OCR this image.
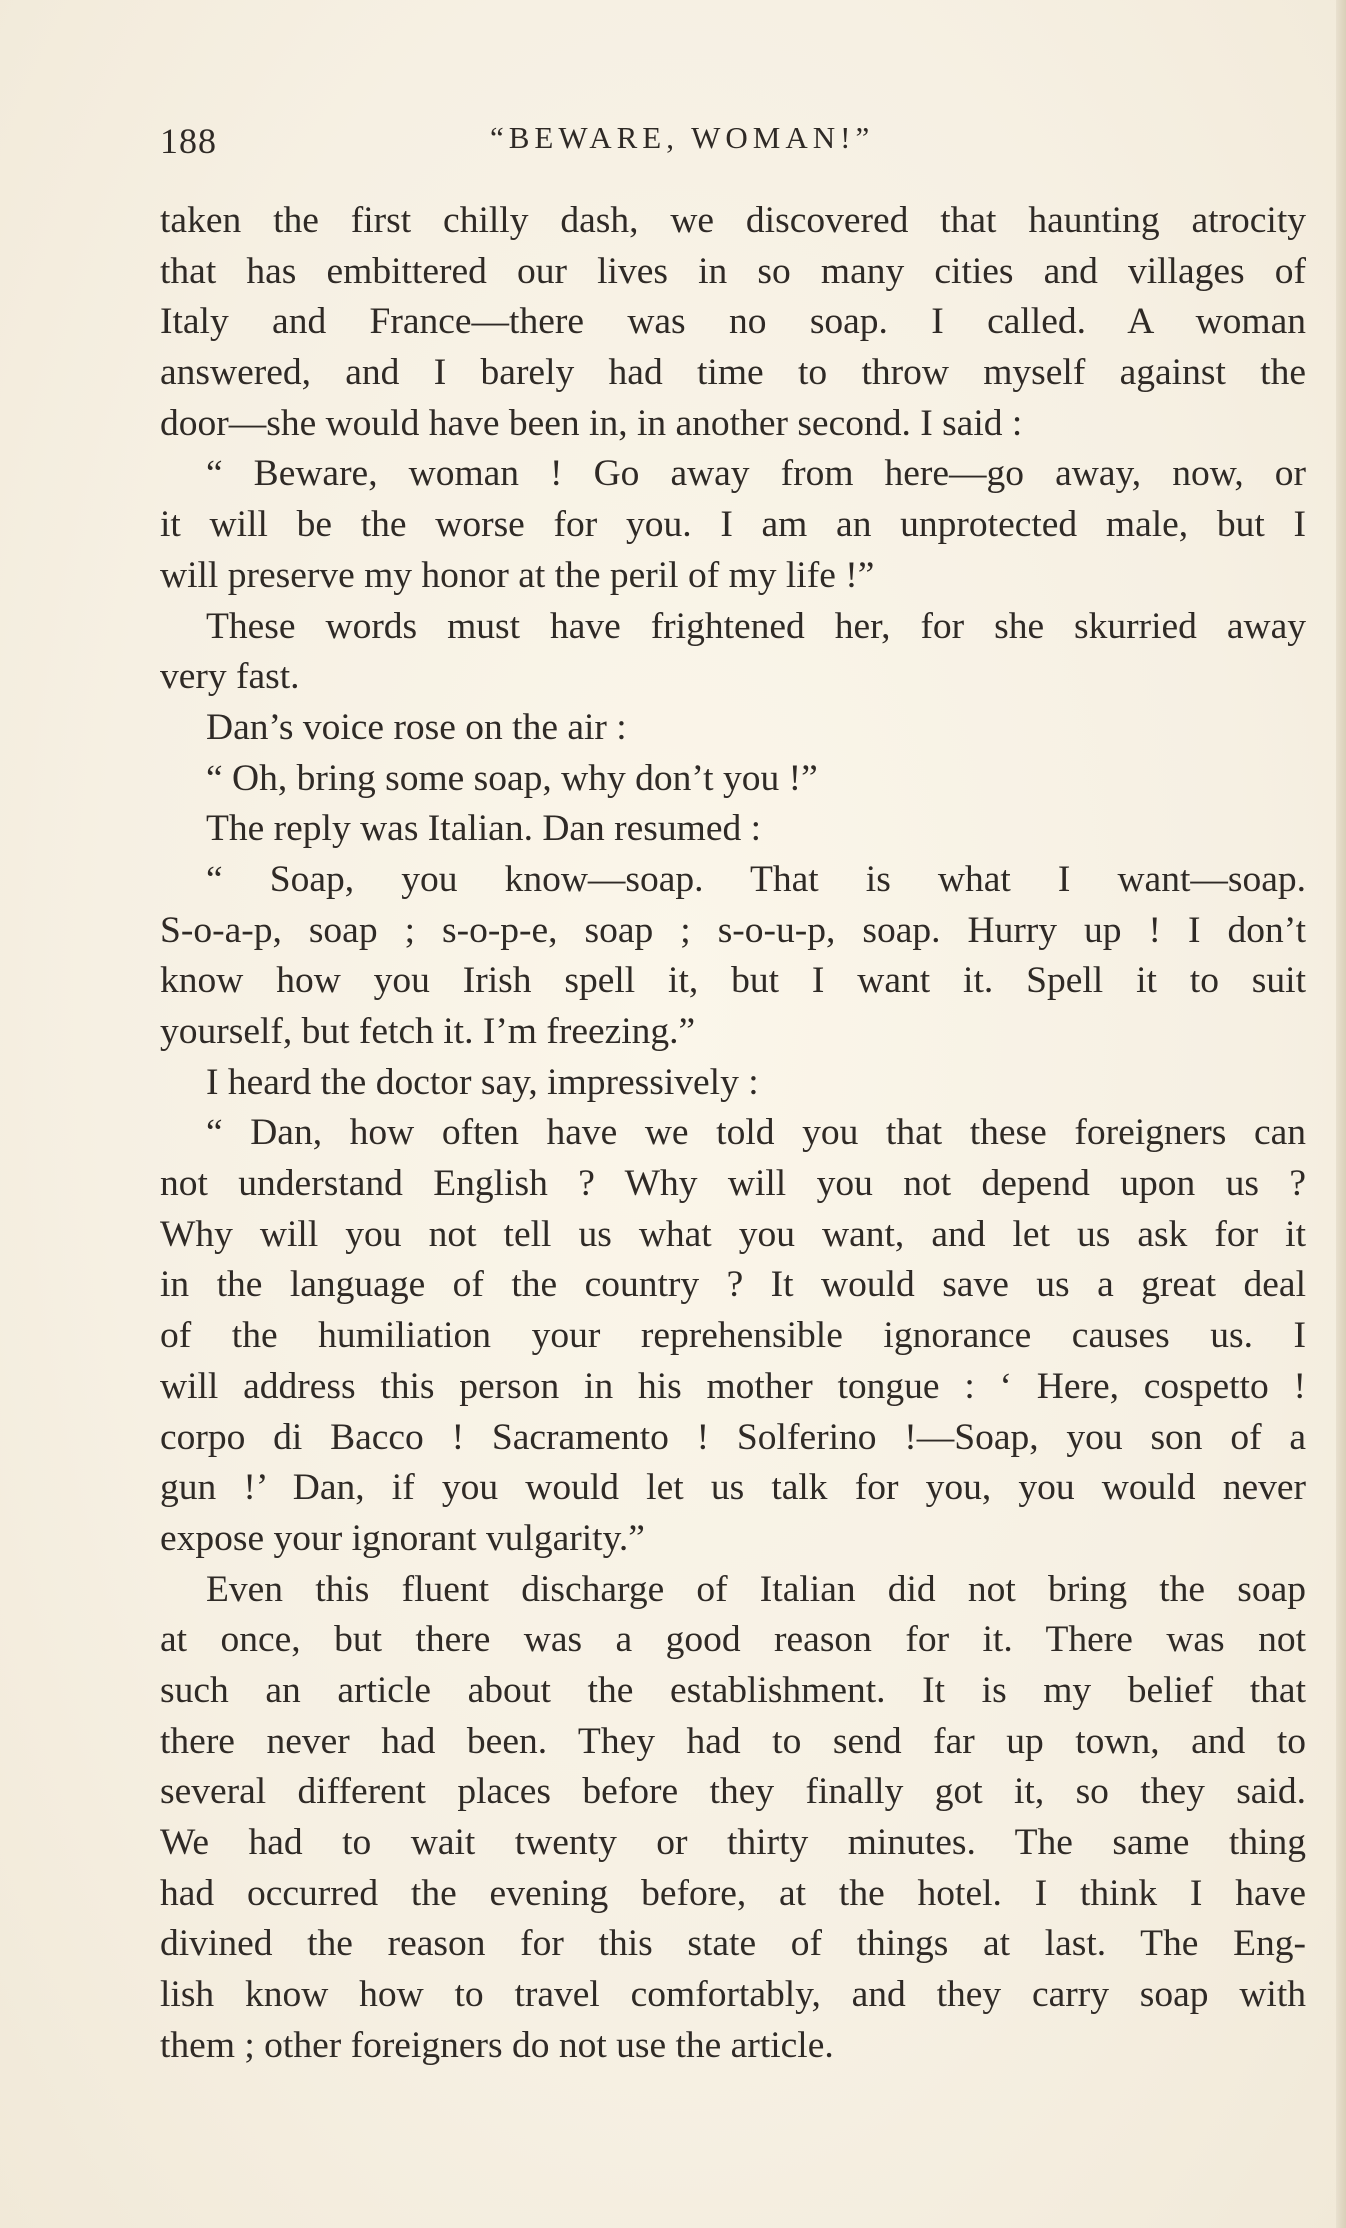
188	“BEWARE, WOMAN!”
taken the first chilly dash, we discovered that haunting atrocity
that has embittered our lives in so many cities and villages of
Italy and France—there was no soap. I called. A woman
answered, and I barely had time to throw myself against the
door—she would have been in, in another second. I said :
“ Beware, woman ! Go away from here—go away, now, or
it will be the worse for you. I am an unprotected male, but I
will preserve my honor at the peril of my life !”
These words must have frightened her, for she skurried away
very fast.
Dan’s voice rose on the air :
“ Oh, bring some soap, why don’t you !”
The reply was Italian. Dan resumed :
“ Soap, you know—soap. That is what I want—soap.
S-o-a-p, soap ; s-o-p-e, soap ; s-o-u-p, soap. Hurry up ! I don’t
know how you Irish spell it, but I want it. Spell it to suit
yourself, but fetch it. I’m freezing.”
I heard the doctor say, impressively :
“ Dan, how often have we told you that these foreigners can
not understand English ? Why will you not depend upon us ?
Why will you not tell us what you want, and let us ask for it
in the language of the country ? It would save us a great deal
of the humiliation your reprehensible ignorance causes us. I
will address this person in his mother tongue : ‘ Here, cospetto !
corpo di Bacco ! Sacramento ! Solferino !—Soap, you son of a
gun !’ Dan, if you would let us talk for you, you would never
expose your ignorant vulgarity.”
Even this fluent discharge of Italian did not bring the soap
at once, but there was a good reason for it. There was not
such an article about the establishment. It is my belief that
there never had been. They had to send far up town, and to
several different places before they finally got it, so they said.
We had to wait twenty or thirty minutes. The same thing
had occurred the evening before, at the hotel. I think I have
divined the reason for this state of things at last. The Eng-
lish know how to travel comfortably, and they carry soap with
them ; other foreigners do not use the article.
